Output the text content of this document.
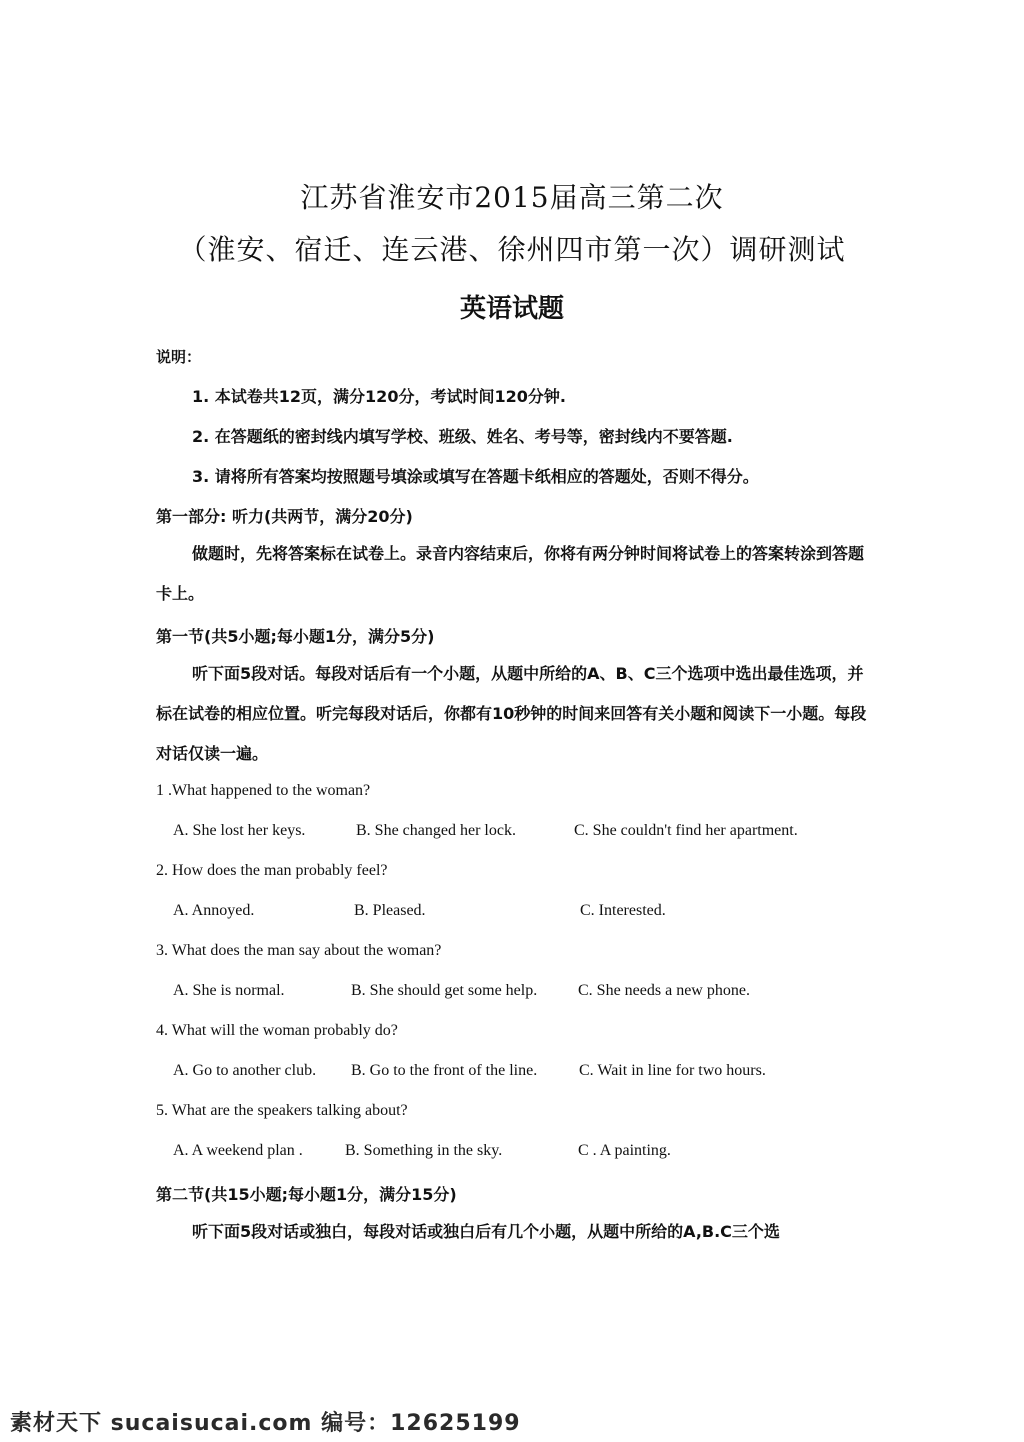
江苏省淮安市2015届高三第二次
（淮安、宿迁、连云港、徐州四市第一次）调研测试
英语试题
说明：
1. 本试卷共12页，满分120分，考试时间120分钟.
2. 在答题纸的密封线内填写学校、班级、姓名、考号等，密封线内不要答题.
3. 请将所有答案均按照题号填涂或填写在答题卡纸相应的答题处，否则不得分。
第一部分: 听力(共两节，满分20分)
做题时，先将答案标在试卷上。录音内容结束后，你将有两分钟时间将试卷上的答案转涂到答题卡上。
第一节(共5小题;每小题1分，满分5分)
听下面5段对话。每段对话后有一个小题，从题中所给的A、B、C三个选项中选出最佳选项，并标在试卷的相应位置。听完每段对话后，你都有10秒钟的时间来回答有关小题和阅读下一小题。每段对话仅读一遍。
1 .What happened to the woman?
A. She lost her keys.	B. She changed her lock.	C. She couldn't find her apartment.
2. How does the man probably feel?
A. Annoyed.	B. Pleased.	C. Interested.
3. What does the man say about the woman?
A. She is normal.	B. She should get some help.	C. She needs a new phone.
4. What will the woman probably do?
A. Go to another club. B. Go to the front of the line.	C. Wait in line for two hours.
5. What are the speakers talking about?
A. A weekend plan .	B. Something in the sky.	C . A painting.
第二节(共15小题;每小题1分，满分15分)
听下面5段对话或独白，每段对话或独白后有几个小题，从题中所给的A,B.C三个选
素材天下 sucaisucai.com 编号：12625199
